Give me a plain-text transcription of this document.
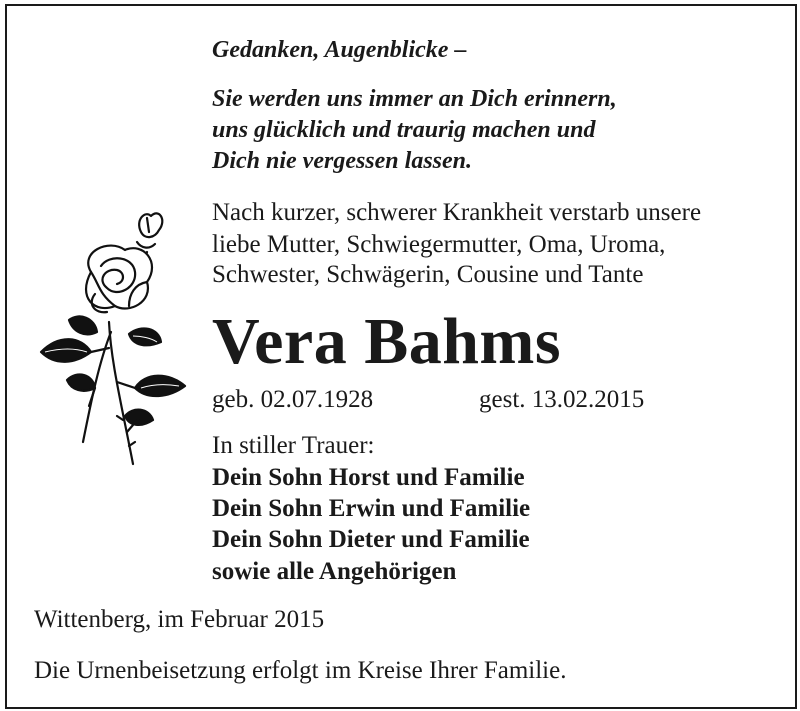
Gedanken, Augenblicke –
Sie werden uns immer an Dich erinnern,
uns glücklich und traurig machen und
Dich nie vergessen lassen.
Nach kurzer, schwerer Krankheit verstarb unsere
liebe Mutter, Schwiegermutter, Oma, Uroma,
Schwester, Schwägerin, Cousine und Tante
Vera Bahms
geb. 02.07.1928	gest. 13.02.2015
In stiller Trauer:
Dein Sohn Horst und Familie
Dein Sohn Erwin und Familie
Dein Sohn Dieter und Familie
sowie alle Angehörigen
Wittenberg, im Februar 2015
Die Urnenbeisetzung erfolgt im Kreise Ihrer Familie.
